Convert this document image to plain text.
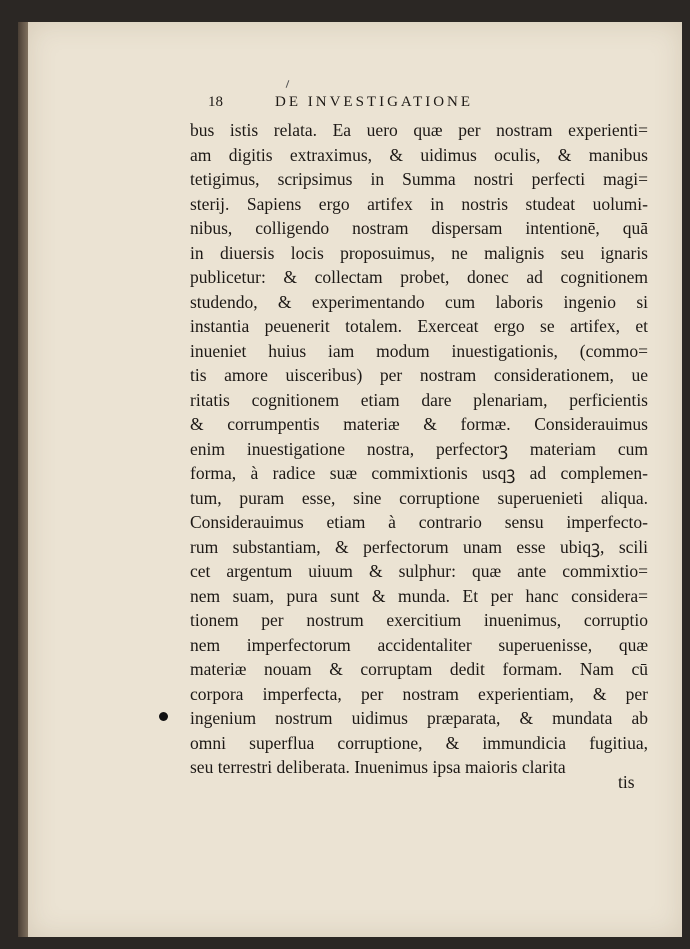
18	DE INVESTIGATIONE
bus istis relata. Ea uero quæ per nostram experienti=
am digitis extraximus, & uidimus oculis, & manibus
tetigimus, scripsimus in Summa nostri perfecti magi=
sterij. Sapiens ergo artifex in nostris studeat uolumi-
nibus, colligendo nostram dispersam intentionē, quā
in diuersis locis proposuimus, ne malignis seu ignaris
publicetur: & collectam probet, donec ad cognitionem
studendo, & experimentando cum laboris ingenio si
instantia peuenerit totalem. Exerceat ergo se artifex, et
inueniet huius iam modum inuestigationis, (commo=
tis amore uisceribus) per nostram considerationem, ue
ritatis cognitionem etiam dare plenariam, perficientis
& corrumpentis materiæ & formæ. Considerauimus
enim inuestigatione nostra, perfectorꝫ materiam cum
forma, à radice suæ commixtionis usqꝫ ad complemen-
tum, puram esse, sine corruptione superuenieti aliqua.
Considerauimus etiam à contrario sensu imperfecto-
rum substantiam, & perfectorum unam esse ubiqꝫ, scili
cet argentum uiuum & sulphur: quæ ante commixtio=
nem suam, pura sunt & munda. Et per hanc considera=
tionem per nostrum exercitium inuenimus, corruptio
nem imperfectorum accidentaliter superuenisse, quæ
materiæ nouam & corruptam dedit formam. Nam cū
corpora imperfecta, per nostram experientiam, & per
ingenium nostrum uidimus præparata, & mundata ab
omni superflua corruptione, & immundicia fugitiua,
seu terrestri deliberata. Inuenimus ipsa maioris clarita
tis
